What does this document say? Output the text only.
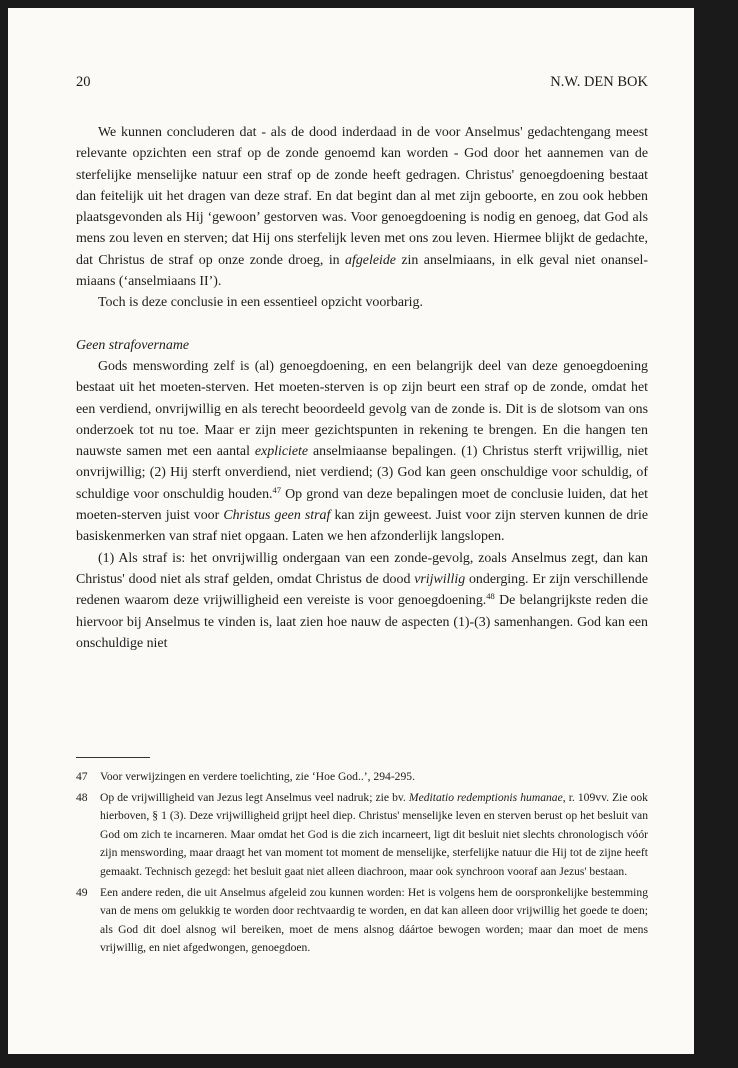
20	N.W. DEN BOK

We kunnen concluderen dat - als de dood inderdaad in de voor Anselmus' gedachtengang meest relevante opzichten een straf op de zonde genoemd kan worden - God door het aannemen van de sterfelijke menselijke natuur een straf op de zonde heeft gedragen. Christus' genoegdoening bestaat dan feitelijk uit het dragen van deze straf. En dat begint dan al met zijn geboorte, en zou ook hebben plaatsgevonden als Hij ‘gewoon’ gestorven was. Voor genoegdoening is nodig en genoeg, dat God als mens zou leven en sterven; dat Hij ons sterfelijk leven met ons zou leven. Hiermee blijkt de gedachte, dat Christus de straf op onze zonde droeg, in afgeleide zin anselmiaans, in elk geval niet onansel-miaans (‘anselmiaans II’).

Toch is deze conclusie in een essentieel opzicht voorbarig.

Geen strafovername

Gods menswording zelf is (al) genoegdoening, en een belangrijk deel van deze genoegdoening bestaat uit het moeten-sterven. Het moeten-sterven is op zijn beurt een straf op de zonde, omdat het een verdiend, onvrijwillig en als terecht beoordeeld gevolg van de zonde is. Dit is de slotsom van ons onderzoek tot nu toe. Maar er zijn meer gezichtspunten in rekening te brengen. En die hangen ten nauwste samen met een aantal expliciete anselmiaanse bepalingen. (1) Christus sterft vrijwillig, niet onvrijwillig; (2) Hij sterft onverdiend, niet verdiend; (3) God kan geen onschuldige voor schuldig, of schuldige voor onschuldig houden.$^{47}$ Op grond van deze bepalingen moet de conclusie luiden, dat het moeten-sterven juist voor Christus geen straf kan zijn geweest. Juist voor zijn sterven kunnen de drie basiskenmerken van straf niet opgaan. Laten we hen afzonderlijk langslopen.

(1) Als straf is: het onvrijwillig ondergaan van een zonde-gevolg, zoals Anselmus zegt, dan kan Christus' dood niet als straf gelden, omdat Christus de dood vrijwillig onderging. Er zijn verschillende redenen waarom deze vrijwilligheid een vereiste is voor genoegdoening.$^{48}$ De belangrijkste reden die hiervoor bij Anselmus te vinden is, laat zien hoe nauw de aspecten (1)-(3) samenhangen. God kan een onschuldige niet

47	Voor verwijzingen en verdere toelichting, zie ‘Hoe God..’, 294-295.
48	Op de vrijwilligheid van Jezus legt Anselmus veel nadruk; zie bv. Meditatio redemptionis humanae, r. 109vv. Zie ook hierboven, § 1 (3). Deze vrijwilligheid grijpt heel diep. Christus' menselijke leven en sterven berust op het besluit van God om zich te incarneren. Maar omdat het God is die zich incarneert, ligt dit besluit niet slechts chronologisch vóór zijn menswording, maar draagt het van moment tot moment de menselijke, sterfelijke natuur die Hij tot de zijne heeft gemaakt. Technisch gezegd: het besluit gaat niet alleen diachroon, maar ook synchroon vooraf aan Jezus' bestaan.
49	Een andere reden, die uit Anselmus afgeleid zou kunnen worden: Het is volgens hem de oorspronkelijke bestemming van de mens om gelukkig te worden door rechtvaardig te worden, en dat kan alleen door vrijwillig het goede te doen; als God dit doel alsnog wil bereiken, moet de mens alsnog dáártoe bewogen worden; maar dan moet de mens vrijwillig, en niet afgedwongen, genoegdoen.
